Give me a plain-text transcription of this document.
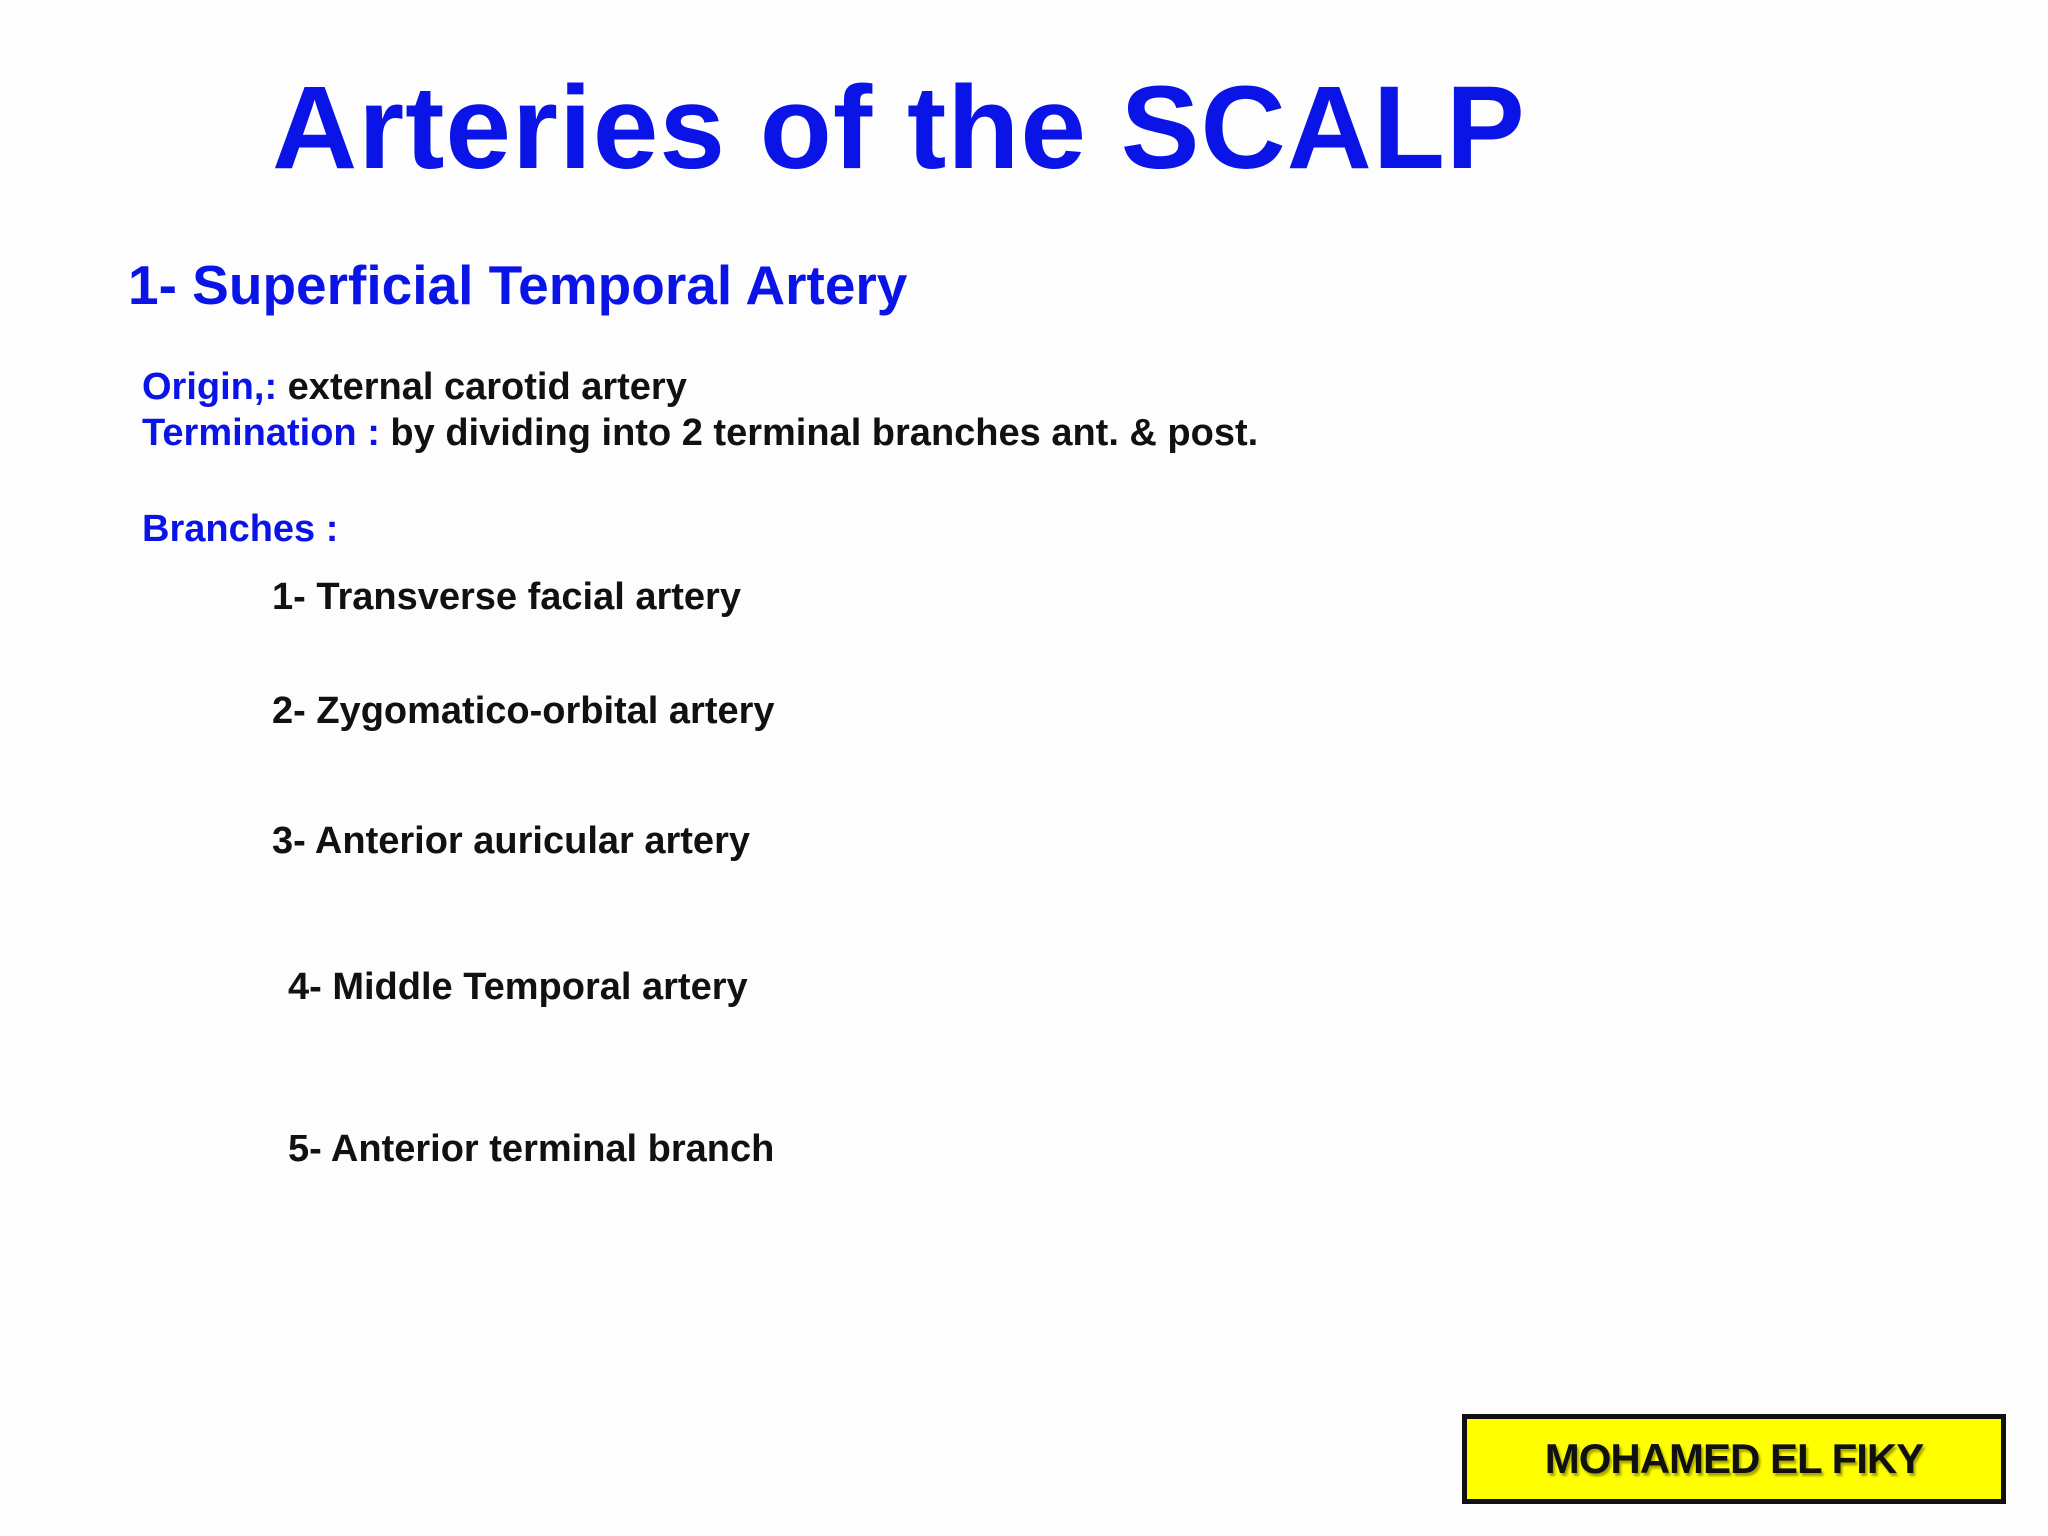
Arteries of the SCALP
1- Superficial Temporal Artery
Origin,: external carotid artery
Termination : by dividing into 2 terminal branches ant. & post.
Branches :
1- Transverse facial artery
2- Zygomatico-orbital artery
3- Anterior auricular artery
4- Middle Temporal artery
5- Anterior terminal branch
MOHAMED EL FIKY
